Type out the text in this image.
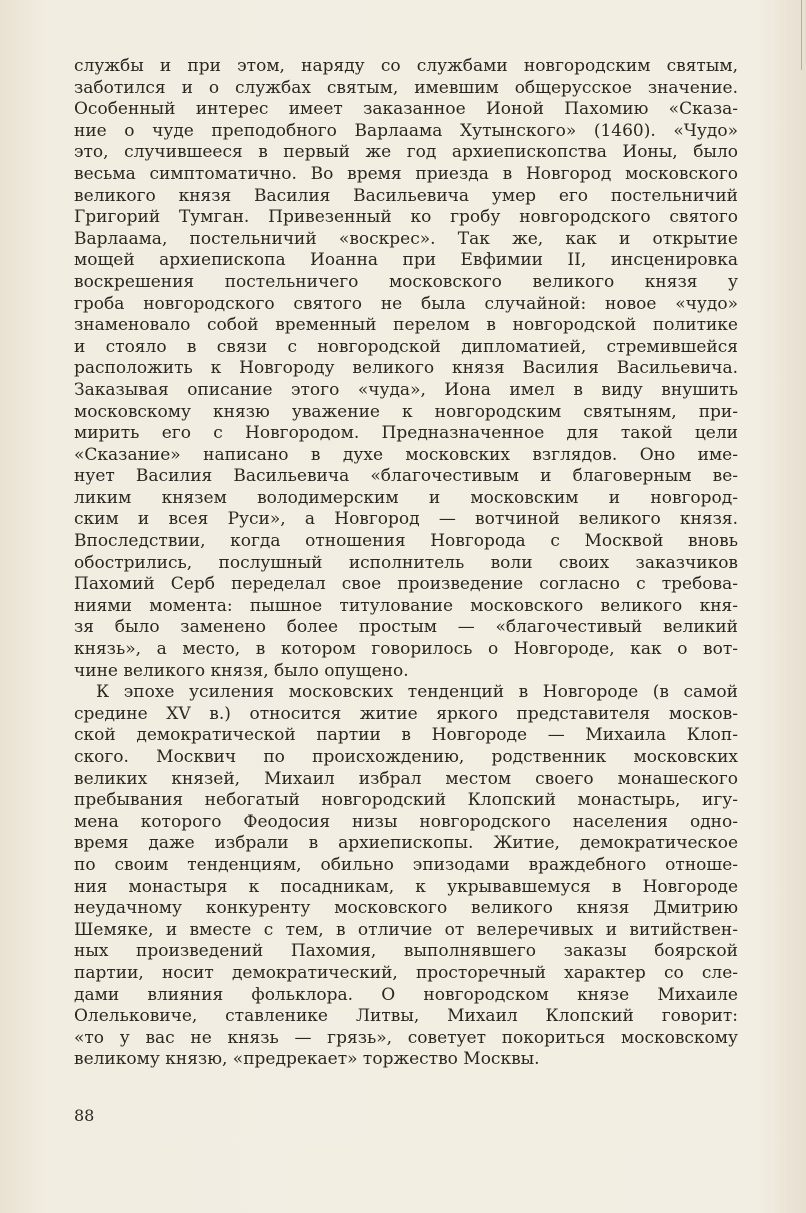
службы и при этом, наряду со службами новгородским святым,
заботился и о службах святым, имевшим общерусское значение.
Особенный интерес имеет заказанное Ионой Пахомию «Сказа-
ние о чуде преподобного Варлаама Хутынского» (1460). «Чудо»
это, случившееся в первый же год архиепископства Ионы, было
весьма симптоматично. Во время приезда в Новгород московского
великого князя Василия Васильевича умер его постельничий
Григорий Тумган. Привезенный ко гробу новгородского святого
Варлаама, постельничий «воскрес». Так же, как и открытие
мощей архиепископа Иоанна при Евфимии II, инсценировка
воскрешения постельничего московского великого князя у
гроба новгородского святого не была случайной: новое «чудо»
знаменовало собой временный перелом в новгородской политике
и стояло в связи с новгородской дипломатией, стремившейся
расположить к Новгороду великого князя Василия Васильевича.
Заказывая описание этого «чуда», Иона имел в виду внушить
московскому князю уважение к новгородским святыням, при-
мирить его с Новгородом. Предназначенное для такой цели
«Сказание» написано в духе московских взглядов. Оно име-
нует Василия Васильевича «благочестивым и благоверным ве-
ликим князем володимерским и московским и новгород-
ским и всея Руси», а Новгород — вотчиной великого князя.
Впоследствии, когда отношения Новгорода с Москвой вновь
обострились, послушный исполнитель воли своих заказчиков
Пахомий Серб переделал свое произведение согласно с требова-
ниями момента: пышное титулование московского великого кня-
зя было заменено более простым — «благочестивый великий
князь», а место, в котором говорилось о Новгороде, как о вот-
чине великого князя, было опущено.
К эпохе усиления московских тенденций в Новгороде (в самой
средине XV в.) относится житие яркого представителя москов-
ской демократической партии в Новгороде — Михаила Клоп-
ского. Москвич по происхождению, родственник московских
великих князей, Михаил избрал местом своего монашеского
пребывания небогатый новгородский Клопский монастырь, игу-
мена которого Феодосия низы новгородского населения одно-
время даже избрали в архиепископы. Житие, демократическое
по своим тенденциям, обильно эпизодами враждебного отноше-
ния монастыря к посадникам, к укрывавшемуся в Новгороде
неудачному конкуренту московского великого князя Дмитрию
Шемяке, и вместе с тем, в отличие от велеречивых и витийствен-
ных произведений Пахомия, выполнявшего заказы боярской
партии, носит демократический, просторечный характер со сле-
дами влияния фольклора. О новгородском князе Михаиле
Олельковиче, ставленике Литвы, Михаил Клопский говорит:
«то у вас не князь — грязь», советует покориться московскому
великому князю, «предрекает» торжество Москвы.
88
